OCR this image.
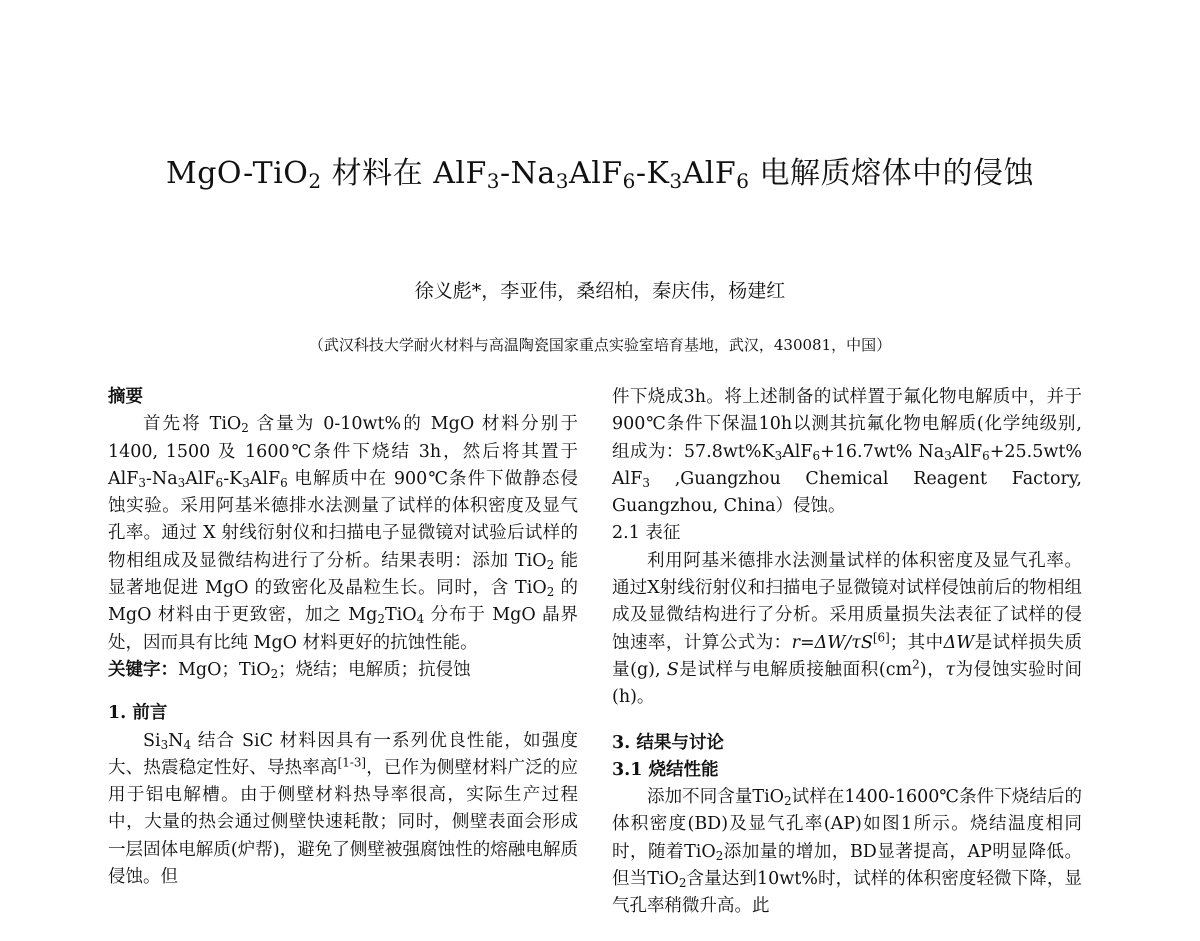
MgO-TiO$_2$ 材料在 $AlF_3-Na_3AlF_6-K_3AlF_6$ 电解质熔体中的侵蚀
徐义彪*，李亚伟，桑绍柏，秦庆伟，杨建红
（武汉科技大学耐火材料与高温陶瓷国家重点实验室培育基地，武汉，430081，中国）

摘要

首先将 TiO$_2$ 含量为 0-10wt%的 MgO 材料分别于 1400, 1500 及 1600℃条件下烧结 3h，然后将其置于 $AlF_3-Na_3AlF_6-K_3AlF_6$ 电解质中在 900℃条件下做静态侵蚀实验。采用阿基米德排水法测量了试样的体积密度及显气孔率。通过 X 射线衍射仪和扫描电子显微镜对试验后试样的物相组成及显微结构进行了分析。结果表明：添加 TiO$_2$ 能显著地促进 MgO 的致密化及晶粒生长。同时，含 TiO$_2$ 的 MgO 材料由于更致密，加之 $Mg_2TiO_4$ 分布于 MgO 晶界处，因而具有比纯 MgO 材料更好的抗蚀性能。

关键字：MgO；TiO$_2$；烧结；电解质；抗侵蚀

1. 前言

$Si_3N_4$ 结合 SiC 材料因具有一系列优良性能，如强度大、热震稳定性好、导热率高[1-3]，已作为侧壁材料广泛的应用于铝电解槽。由于侧壁材料热导率很高，实际生产过程中，大量的热会通过侧壁快速耗散；同时，侧壁表面会形成一层固体电解质(炉帮)，避免了侧壁被强腐蚀性的熔融电解质侵蚀。但

件下烧成3h。将上述制备的试样置于氟化物电解质中，并于900℃条件下保温10h以测其抗氟化物电解质(化学纯级别, 组成为：$57.8wt\%K_3AlF_6+16.7wt\%$ $Na_3AlF_6+25.5wt\%$ AlF$_3$ ,Guangzhou Chemical Reagent Factory, Guangzhou, China）侵蚀。

2.1 表征

利用阿基米德排水法测量试样的体积密度及显气孔率。通过X射线衍射仪和扫描电子显微镜对试样侵蚀前后的物相组成及显微结构进行了分析。采用质量损失法表征了试样的侵蚀速率，计算公式为：r=ΔW/τS[6]；其中ΔW是试样损失质量(g), S是试样与电解质接触面积$(cm^2)$，τ为侵蚀实验时间(h)。

3. 结果与讨论

3.1 烧结性能

添加不同含量TiO$_2$试样在1400-1600℃条件下烧结后的体积密度(BD)及显气孔率(AP)如图1所示。烧结温度相同时，随着TiO$_2$添加量的增加，BD显著提高，AP明显降低。但当TiO$_2$含量达到10wt%时，试样的体积密度轻微下降，显气孔率稍微升高。此
